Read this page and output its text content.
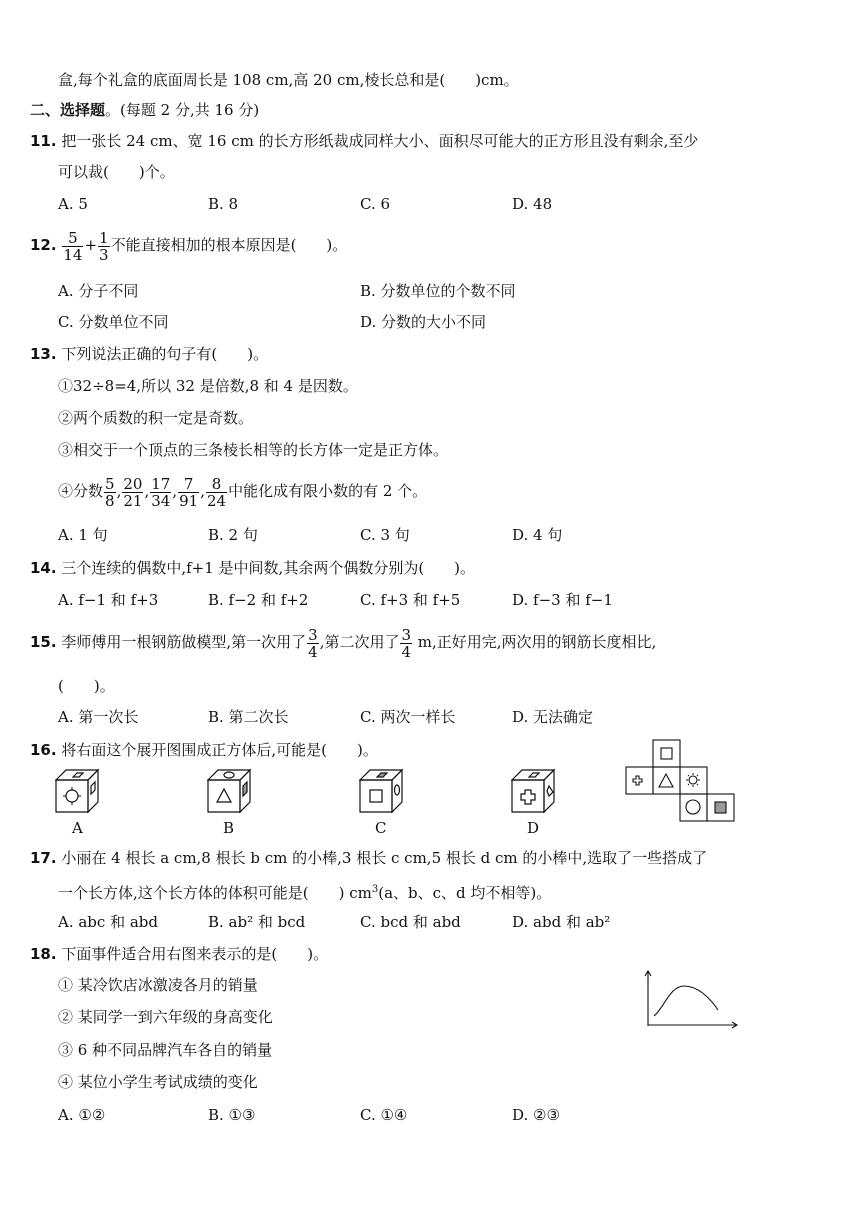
盒,每个礼盒的底面周长是 108 cm,高 20 cm,棱长总和是(　　)cm。
二、选择题。(每题 2 分,共 16 分)
11. 把一张长 24 cm、宽 16 cm 的长方形纸裁成同样大小、面积尽可能大的正方形且没有剩余,至少
可以裁(　　)个。
A. 5	B. 8	C. 6	D. 48
12. $\frac{5}{14} + \frac{1}{3}$ 不能直接相加的根本原因是(　　)。
A. 分子不同	B. 分数单位的个数不同
C. 分数单位不同	D. 分数的大小不同
13. 下列说法正确的句子有(　　)。
①32÷8=4,所以 32 是倍数,8 和 4 是因数。
②两个质数的积一定是奇数。
③相交于一个顶点的三条棱长相等的长方体一定是正方体。
④分数 $\frac{5}{8}$ , $\frac{20}{21}$ , $\frac{17}{34}$ , $\frac{7}{91}$ , $\frac{8}{24}$ 中能化成有限小数的有 2 个。
A. 1 句	B. 2 句	C. 3 句	D. 4 句
14. 三个连续的偶数中,f+1 是中间数,其余两个偶数分别为(　　)。
A. f−1 和 f+3	B. f−2 和 f+2	C. f+3 和 f+5	D. f−3 和 f−1
15. 李师傅用一根钢筋做模型,第一次用了 $\frac{3}{4}$ ,第二次用了 $\frac{3}{4} m$,正好用完,两次用的钢筋长度相比,
(　　)。
A. 第一次长	B. 第二次长	C. 两次一样长	D. 无法确定
16. 将右面这个展开图围成正方体后,可能是(　　)。
A	B	C	D
17. 小丽在 4 根长 a cm,8 根长 b cm 的小棒,3 根长 c cm,5 根长 d cm 的小棒中,选取了一些搭成了
一个长方体,这个长方体的体积可能是(　　) $cm^3(a$、b、c、d 均不相等)。
A. abc 和 abd	B. ab² 和 bcd	C. bcd 和 abd	D. abd 和 ab²
18. 下面事件适合用右图来表示的是(　　)。
① 某冷饮店冰激凌各月的销量
② 某同学一到六年级的身高变化
③ 6 种不同品牌汽车各自的销量
④ 某位小学生考试成绩的变化
A. ①②	B. ①③	C. ①④	D. ②③
